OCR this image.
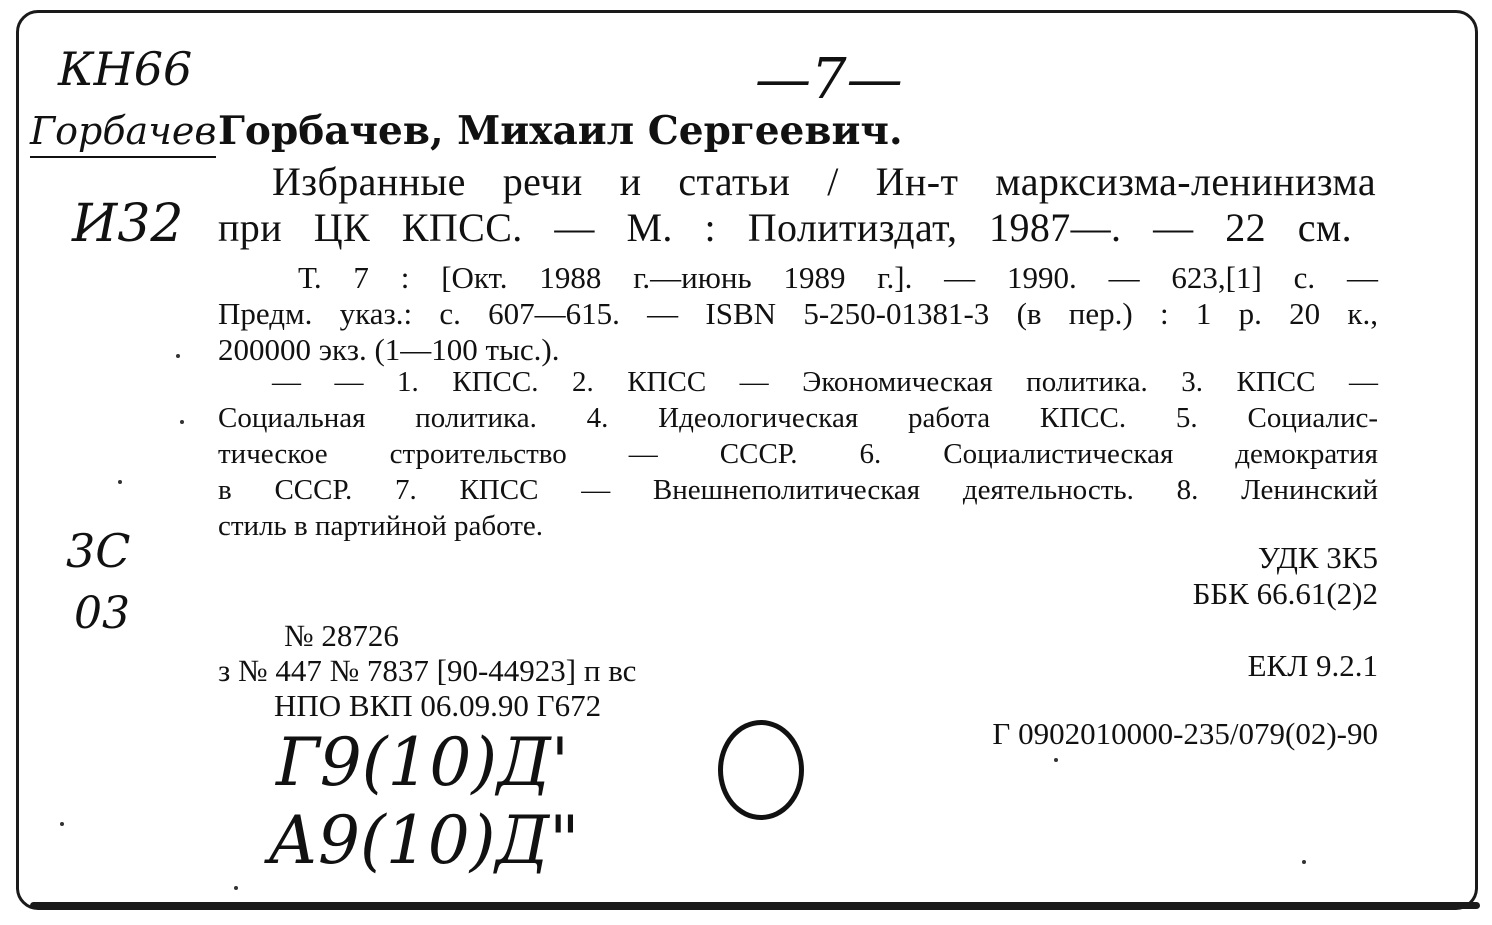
КН66
Горбачев
И32
—7—
3С
03
Г9(10)Д'
А9(10)Д"
Горбачев, Михаил Сергеевич.
Избранные речи и статьи / Ин-т марксизма-ленинизма
при ЦК КПСС. — М. : Политиздат, 1987—. — 22 см.
Т. 7 : [Окт. 1988 г.—июнь 1989 г.]. — 1990. — 623,[1] с. —
Предм. указ.: с. 607—615. — ISBN 5-250-01381-3 (в пер.) : 1 р. 20 к.,
200000 экз. (1—100 тыс.).
— — 1. КПСС. 2. КПСС — Экономическая политика. 3. КПСС —
Социальная политика. 4. Идеологическая работа КПСС. 5. Социалис-
тическое строительство — СССР. 6. Социалистическая демократия
в СССР. 7. КПСС — Внешнеполитическая деятельность. 8. Ленинский
стиль в партийной работе.
УДК 3К5
ББК 66.61(2)2
ЕКЛ 9.2.1
Г 0902010000-235/079(02)-90
№ 28726
з № 447 № 7837 [90-44923] п вс
НПО ВКП 06.09.90 Г672
